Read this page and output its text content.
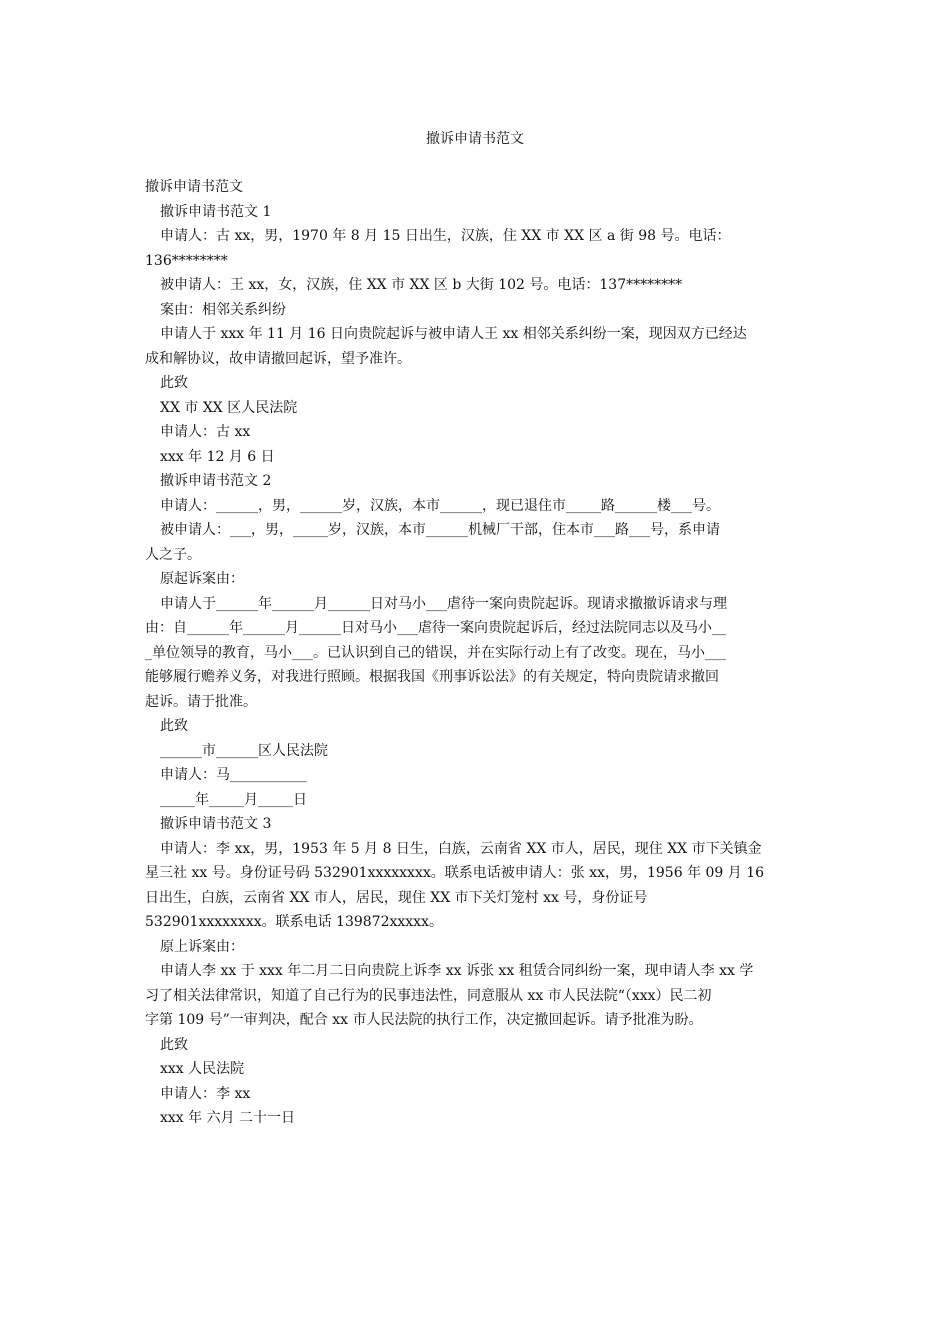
撤诉申请书范文
撤诉申请书范文
撤诉申请书范文 1
申请人：古 xx，男，1970 年 8 月 15 日出生，汉族，住 XX 市 XX 区 a 街 98 号。电话：
136********
被申请人：王 xx，女，汉族，住 XX 市 XX 区 b 大街 102 号。电话：137********
案由：相邻关系纠纷
申请人于 xxx 年 11 月 16 日向贵院起诉与被申请人王 xx 相邻关系纠纷一案，现因双方已经达
成和解协议，故申请撤回起诉，望予准许。
此致
XX 市 XX 区人民法院
申请人：古 xx
xxx 年 12 月 6 日
撤诉申请书范文 2
申请人：______，男，______岁，汉族，本市______，现已退住市_____路______楼___号。
被申请人：___，男，_____岁，汉族，本市______机械厂干部，住本市___路___号，系申请
人之子。
原起诉案由：
申请人于______年______月______日对马小___虐待一案向贵院起诉。现请求撤撤诉请求与理
由：自______年______月______日对马小___虐待一案向贵院起诉后，经过法院同志以及马小__
_单位领导的教育，马小___。已认识到自己的错误，并在实际行动上有了改变。现在，马小___
能够履行赡养义务，对我进行照顾。根据我国《刑事诉讼法》的有关规定，特向贵院请求撤回
起诉。请于批准。
此致
______市______区人民法院
申请人：马___________
_____年_____月_____日
撤诉申请书范文 3
申请人：李 xx，男，1953 年 5 月 8 日生，白族，云南省 XX 市人，居民，现住 XX 市下关镇金
星三社 xx 号。身份证号码 532901xxxxxxxx。联系电话被申请人：张 xx，男，1956 年 09 月 16
日出生，白族，云南省 XX 市人，居民，现住 XX 市下关灯笼村 xx 号，身份证号
532901xxxxxxxx。联系电话 139872xxxxx。
原上诉案由：
申请人李 xx 于 xxx 年二月二日向贵院上诉李 xx 诉张 xx 租赁合同纠纷一案，现申请人李 xx 学
习了相关法律常识，知道了自己行为的民事违法性，同意服从 xx 市人民法院“（xxx）民二初
字第 109 号”一审判决，配合 xx 市人民法院的执行工作，决定撤回起诉。请予批准为盼。
此致
xxx 人民法院
申请人：李 xx
xxx 年 六月 二十一日
